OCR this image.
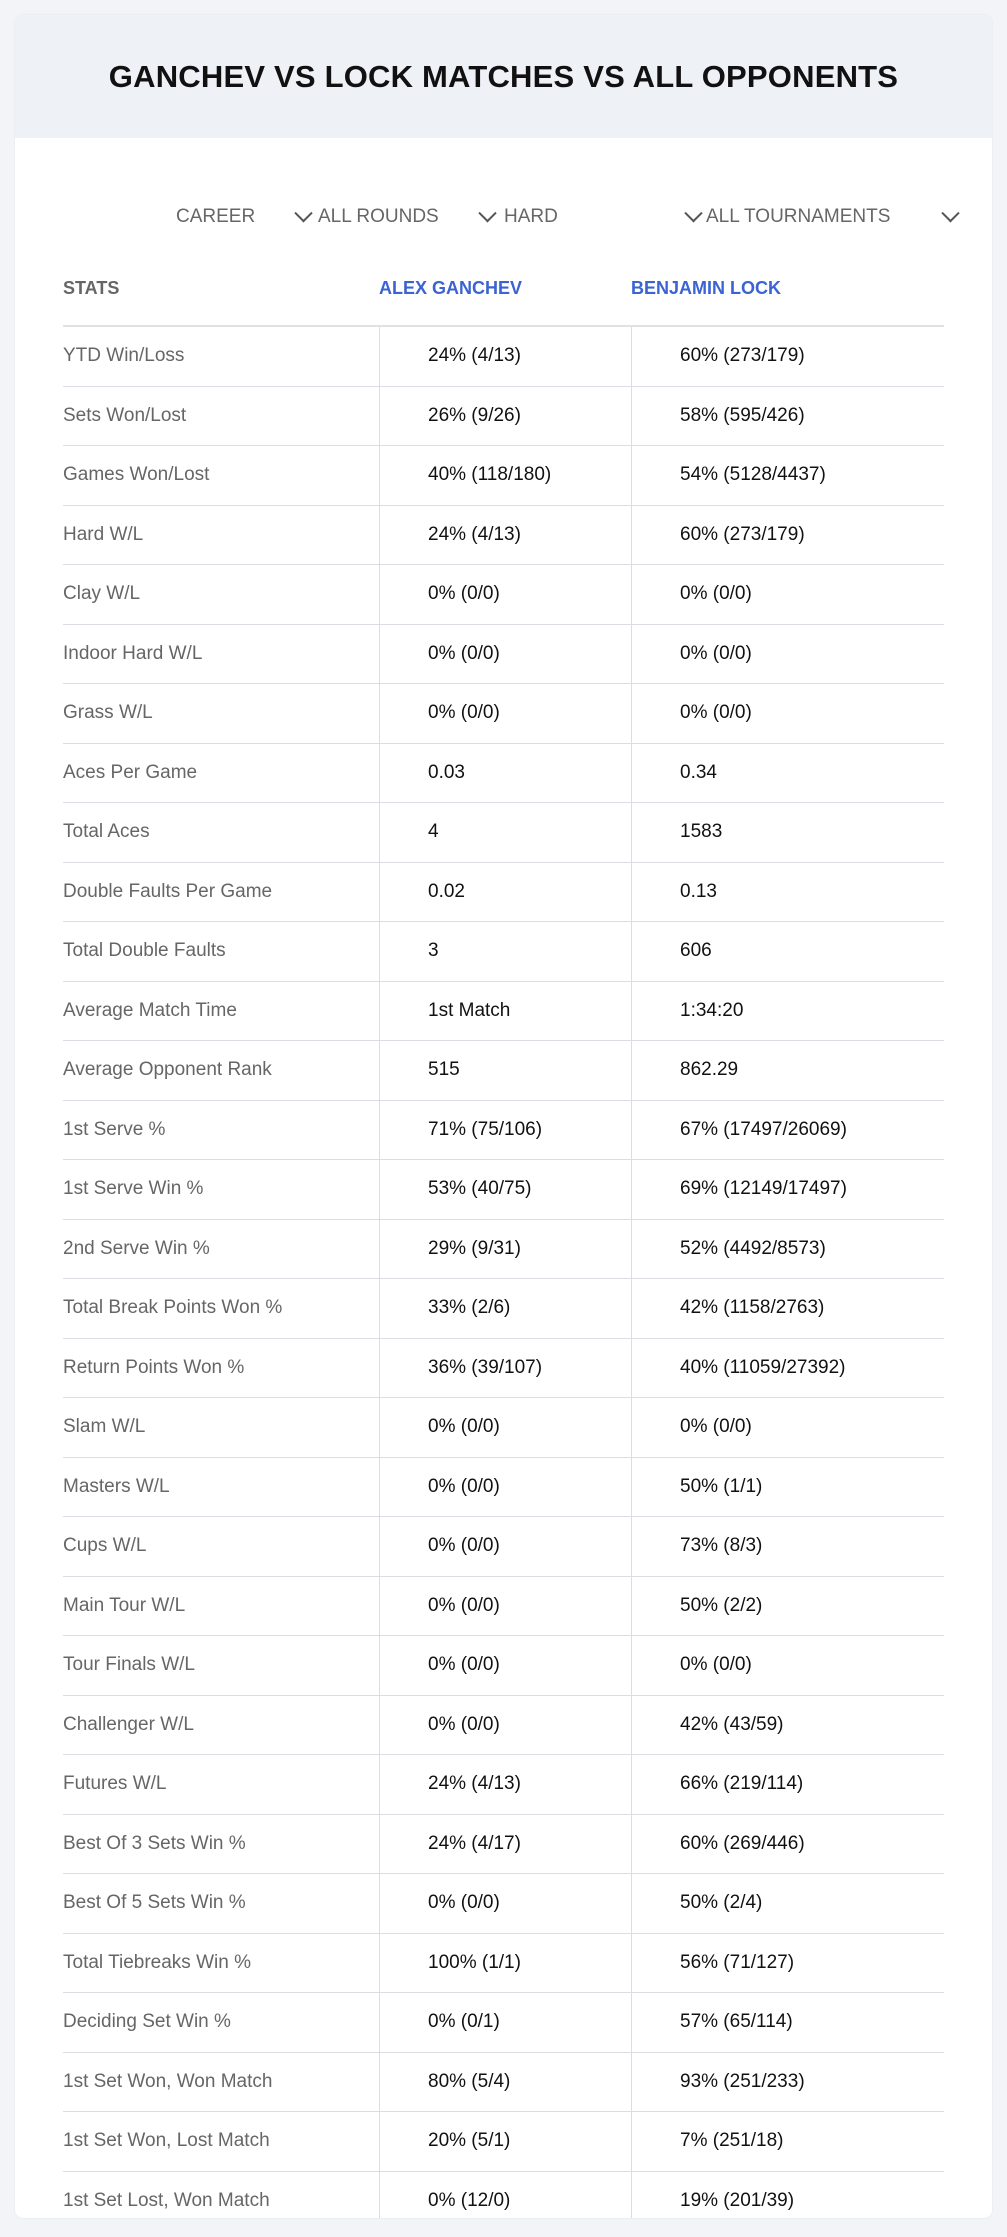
GANCHEV VS LOCK MATCHES VS ALL OPPONENTS
CAREER	ALL ROUNDS	HARD	ALL TOURNAMENTS
STATS	ALEX GANCHEV	BENJAMIN LOCK
YTD Win/Loss	24% (4/13)	60% (273/179)
Sets Won/Lost	26% (9/26)	58% (595/426)
Games Won/Lost	40% (118/180)	54% (5128/4437)
Hard W/L	24% (4/13)	60% (273/179)
Clay W/L	0% (0/0)	0% (0/0)
Indoor Hard W/L	0% (0/0)	0% (0/0)
Grass W/L	0% (0/0)	0% (0/0)
Aces Per Game	0.03	0.34
Total Aces	4	1583
Double Faults Per Game	0.02	0.13
Total Double Faults	3	606
Average Match Time	1st Match	1:34:20
Average Opponent Rank	515	862.29
1st Serve %	71% (75/106)	67% (17497/26069)
1st Serve Win %	53% (40/75)	69% (12149/17497)
2nd Serve Win %	29% (9/31)	52% (4492/8573)
Total Break Points Won %	33% (2/6)	42% (1158/2763)
Return Points Won %	36% (39/107)	40% (11059/27392)
Slam W/L	0% (0/0)	0% (0/0)
Masters W/L	0% (0/0)	50% (1/1)
Cups W/L	0% (0/0)	73% (8/3)
Main Tour W/L	0% (0/0)	50% (2/2)
Tour Finals W/L	0% (0/0)	0% (0/0)
Challenger W/L	0% (0/0)	42% (43/59)
Futures W/L	24% (4/13)	66% (219/114)
Best Of 3 Sets Win %	24% (4/17)	60% (269/446)
Best Of 5 Sets Win %	0% (0/0)	50% (2/4)
Total Tiebreaks Win %	100% (1/1)	56% (71/127)
Deciding Set Win %	0% (0/1)	57% (65/114)
1st Set Won, Won Match	80% (5/4)	93% (251/233)
1st Set Won, Lost Match	20% (5/1)	7% (251/18)
1st Set Lost, Won Match	0% (12/0)	19% (201/39)
